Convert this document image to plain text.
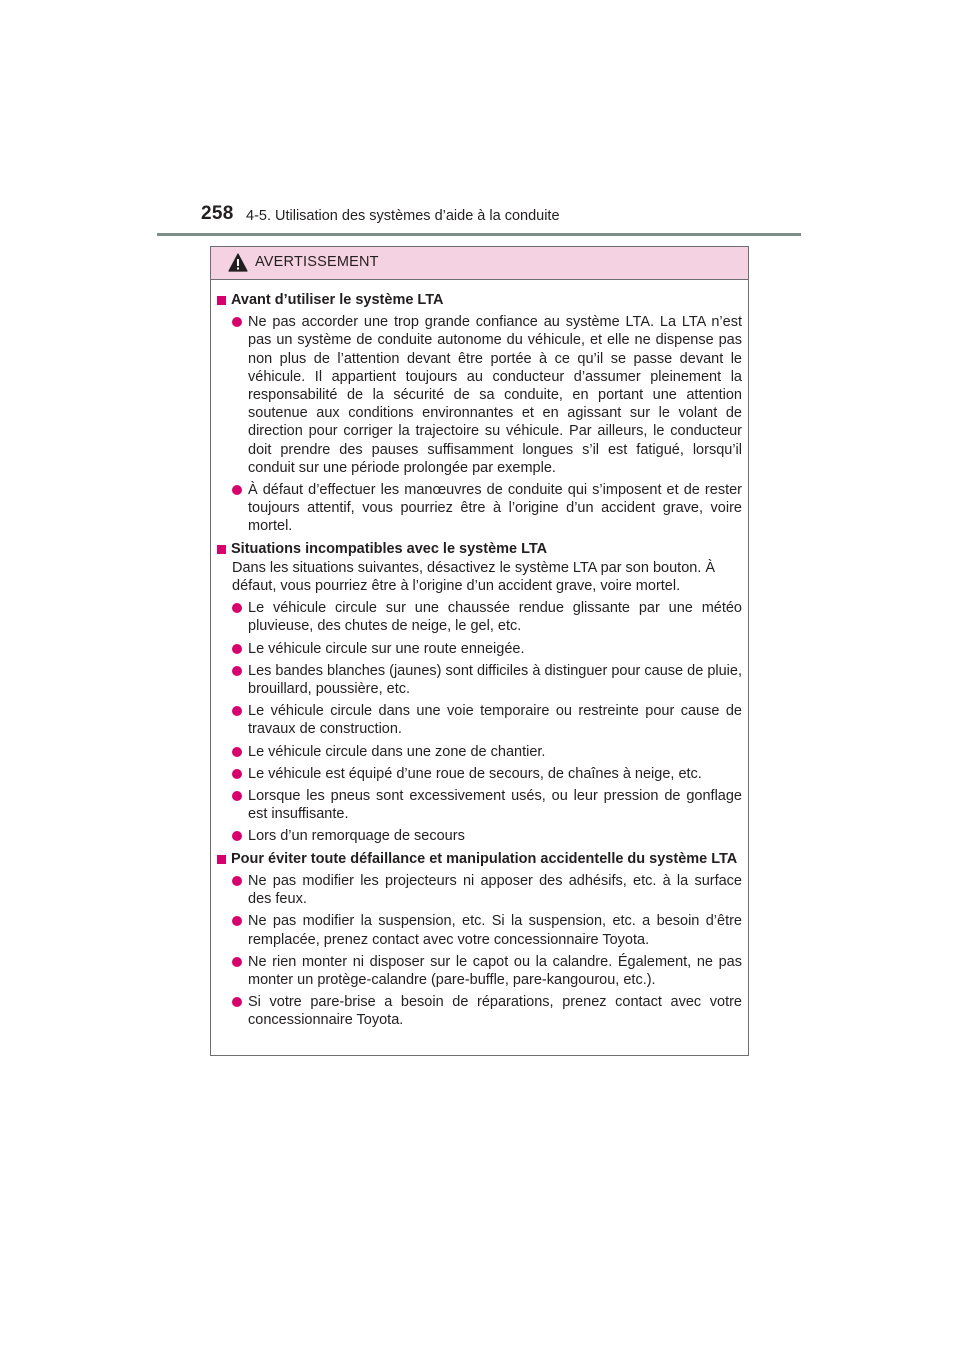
258 4-5. Utilisation des systèmes d’aide à la conduite
AVERTISSEMENT
Avant d’utiliser le système LTA
Ne pas accorder une trop grande confiance au système LTA. La LTA n’est pas un système de conduite autonome du véhicule, et elle ne dispense pas non plus de l’attention devant être portée à ce qu’il se passe devant le véhicule. Il appartient toujours au conducteur d’assumer pleinement la responsabilité de la sécurité de sa conduite, en portant une attention soutenue aux conditions environnantes et en agissant sur le volant de direction pour corriger la trajectoire su véhicule. Par ailleurs, le conducteur doit prendre des pauses suffisamment longues s’il est fatigué, lorsqu’il conduit sur une période prolongée par exemple.
À défaut d’effectuer les manœuvres de conduite qui s’imposent et de rester toujours attentif, vous pourriez être à l’origine d’un accident grave, voire mortel.
Situations incompatibles avec le système LTA
Dans les situations suivantes, désactivez le système LTA par son bouton. À défaut, vous pourriez être à l’origine d’un accident grave, voire mortel.
Le véhicule circule sur une chaussée rendue glissante par une météo pluvieuse, des chutes de neige, le gel, etc.
Le véhicule circule sur une route enneigée.
Les bandes blanches (jaunes) sont difficiles à distinguer pour cause de pluie, brouillard, poussière, etc.
Le véhicule circule dans une voie temporaire ou restreinte pour cause de travaux de construction.
Le véhicule circule dans une zone de chantier.
Le véhicule est équipé d’une roue de secours, de chaînes à neige, etc.
Lorsque les pneus sont excessivement usés, ou leur pression de gonflage est insuffisante.
Lors d’un remorquage de secours
Pour éviter toute défaillance et manipulation accidentelle du système LTA
Ne pas modifier les projecteurs ni apposer des adhésifs, etc. à la surface des feux.
Ne pas modifier la suspension, etc. Si la suspension, etc. a besoin d’être remplacée, prenez contact avec votre concessionnaire Toyota.
Ne rien monter ni disposer sur le capot ou la calandre. Également, ne pas monter un protège-calandre (pare-buffle, pare-kangourou, etc.).
Si votre pare-brise a besoin de réparations, prenez contact avec votre concessionnaire Toyota.
